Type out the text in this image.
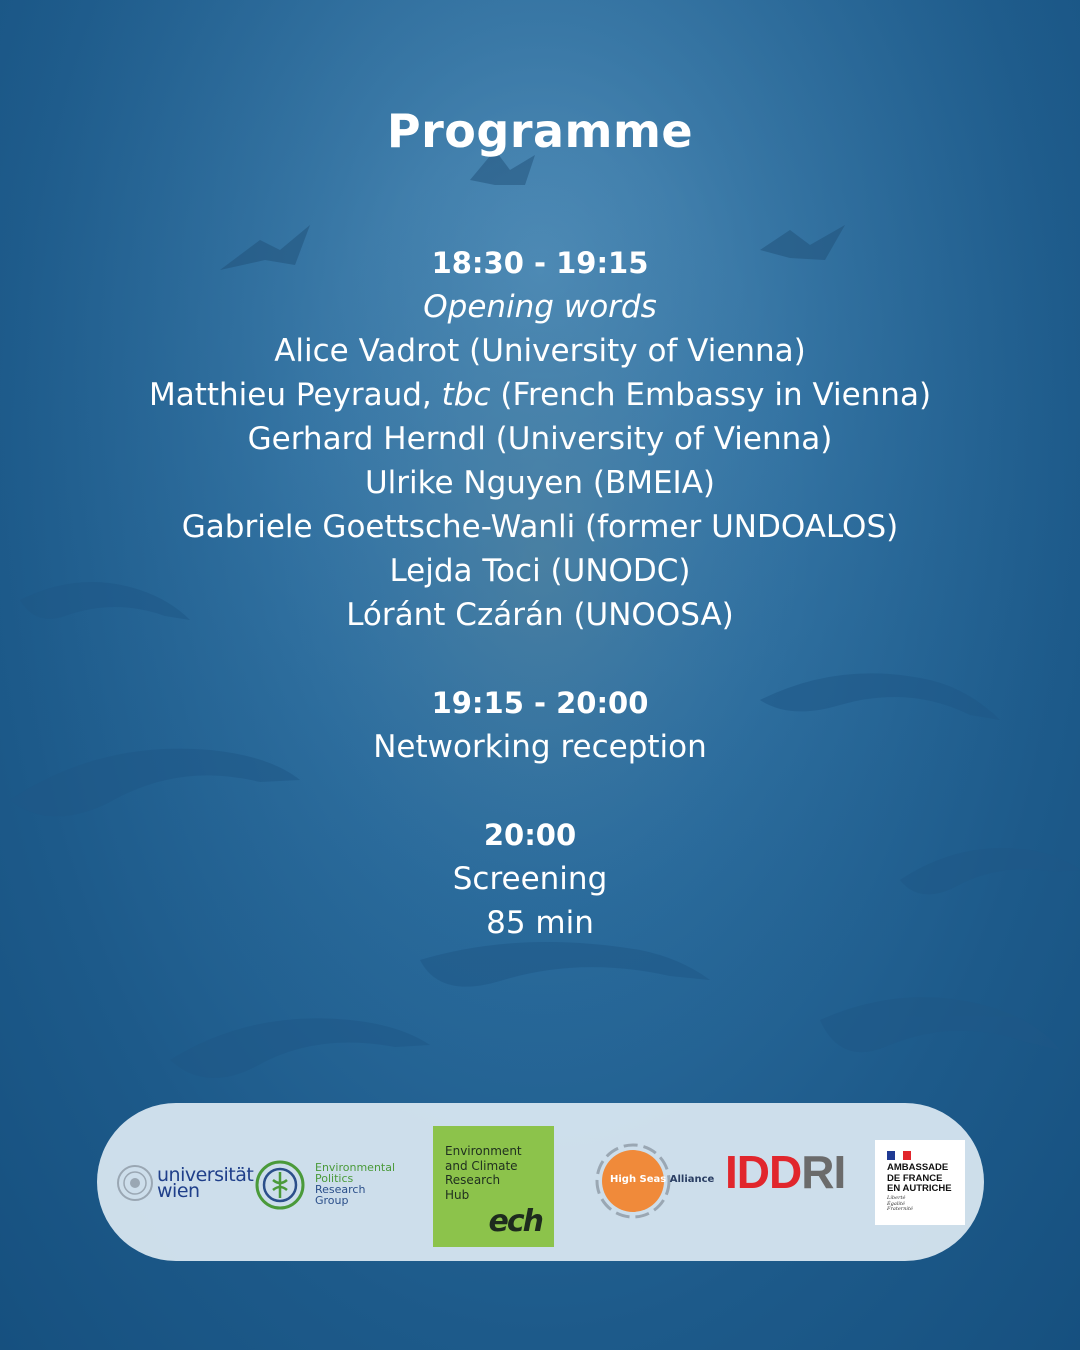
Programme
18:30 - 19:15
Opening words
Alice Vadrot (University of Vienna)
Matthieu Peyraud, tbc (French Embassy in Vienna)
Gerhard Herndl (University of Vienna)
Ulrike Nguyen (BMEIA)
Gabriele Goettsche-Wanli (former UNDOALOS)
Lejda Toci (UNODC)
Lóránt Czárán (UNOOSA)
19:15 - 20:00
Networking reception
20:00
Screening
85 min
universität
wien
Environmental
Politics
Research
Group
Environment
and Climate
Research
Hub
ech
High Seas Alliance IDDRI	AMBASSADE
DE FRANCE
EN AUTRICHE
Liberté
Égalité
Fraternité
